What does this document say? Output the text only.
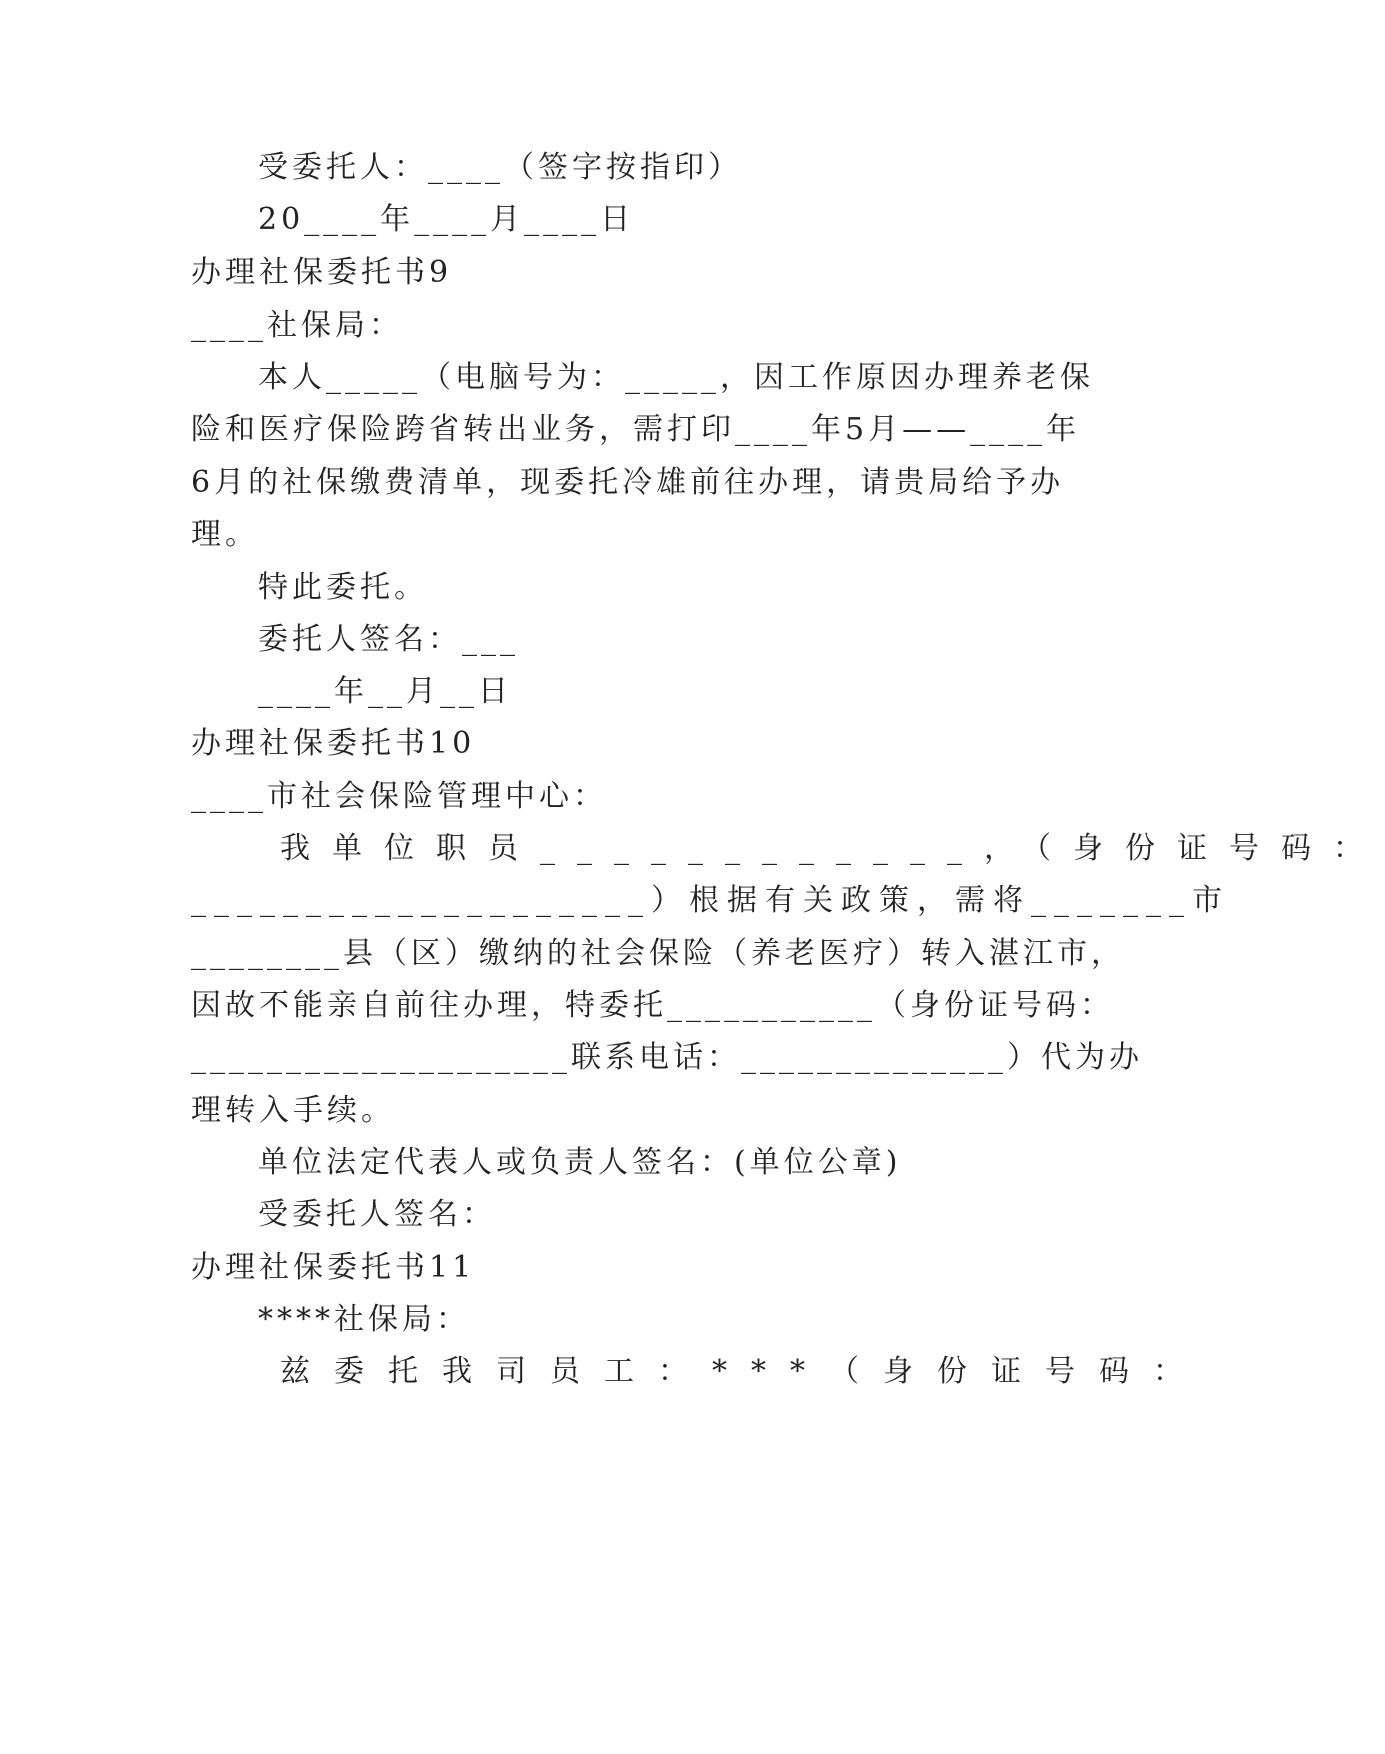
受委托人：____（签字按指印）
20____年____月____日
办理社保委托书9
____社保局：
本人_____（电脑号为：_____，因工作原因办理养老保
险和医疗保险跨省转出业务，需打印____年5月——____年
6月的社保缴费清单，现委托冷雄前往办理，请贵局给予办
理。
特此委托。
委托人签名：___
____年__月__日
办理社保委托书10
____市社会保险管理中心：
我单位职员____________，（身份证号码：
____________________）根据有关政策，需将_______市
________县（区）缴纳的社会保险（养老医疗）转入湛江市，
因故不能亲自前往办理，特委托___________（身份证号码：
____________________联系电话：______________）代为办
理转入手续。
单位法定代表人或负责人签名：(单位公章)
受委托人签名：
办理社保委托书11
****社保局：
兹委托我司员工：***（身份证号码：
